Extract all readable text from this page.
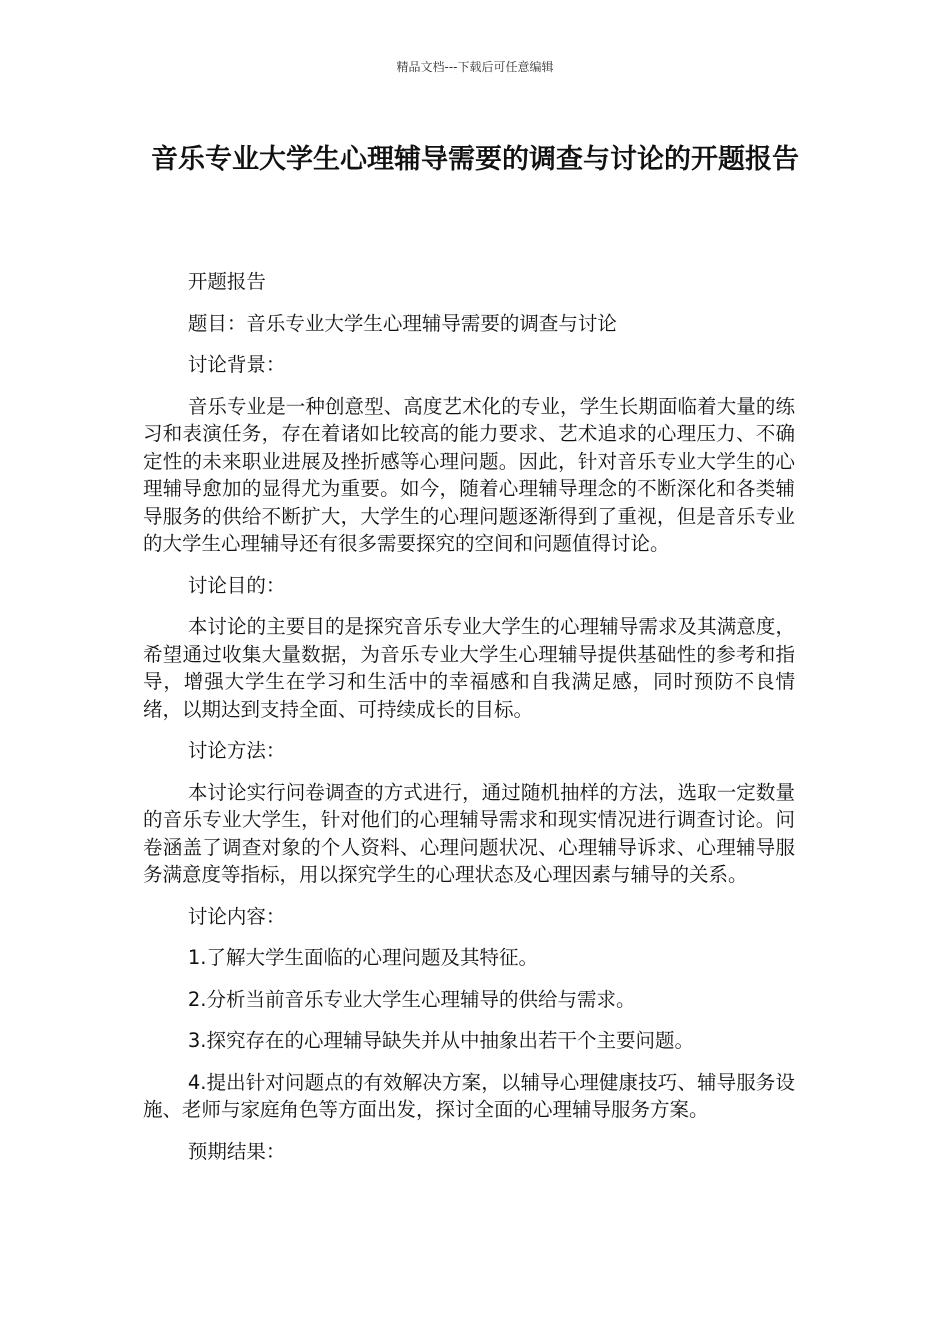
精品文档---下载后可任意编辑
音乐专业大学生心理辅导需要的调查与讨论的开题报告

开题报告

题目：音乐专业大学生心理辅导需要的调查与讨论

讨论背景：

音乐专业是一种创意型、高度艺术化的专业，学生长期面临着大量的练习和表演任务，存在着诸如比较高的能力要求、艺术追求的心理压力、不确定性的未来职业进展及挫折感等心理问题。因此，针对音乐专业大学生的心理辅导愈加的显得尤为重要。如今，随着心理辅导理念的不断深化和各类辅导服务的供给不断扩大，大学生的心理问题逐渐得到了重视，但是音乐专业的大学生心理辅导还有很多需要探究的空间和问题值得讨论。

讨论目的：

本讨论的主要目的是探究音乐专业大学生的心理辅导需求及其满意度，希望通过收集大量数据，为音乐专业大学生心理辅导提供基础性的参考和指导，增强大学生在学习和生活中的幸福感和自我满足感，同时预防不良情绪，以期达到支持全面、可持续成长的目标。

讨论方法：

本讨论实行问卷调查的方式进行，通过随机抽样的方法，选取一定数量的音乐专业大学生，针对他们的心理辅导需求和现实情况进行调查讨论。问卷涵盖了调查对象的个人资料、心理问题状况、心理辅导诉求、心理辅导服务满意度等指标，用以探究学生的心理状态及心理因素与辅导的关系。

讨论内容：

1.了解大学生面临的心理问题及其特征。

2.分析当前音乐专业大学生心理辅导的供给与需求。

3.探究存在的心理辅导缺失并从中抽象出若干个主要问题。

4.提出针对问题点的有效解决方案，以辅导心理健康技巧、辅导服务设施、老师与家庭角色等方面出发，探讨全面的心理辅导服务方案。

预期结果：
